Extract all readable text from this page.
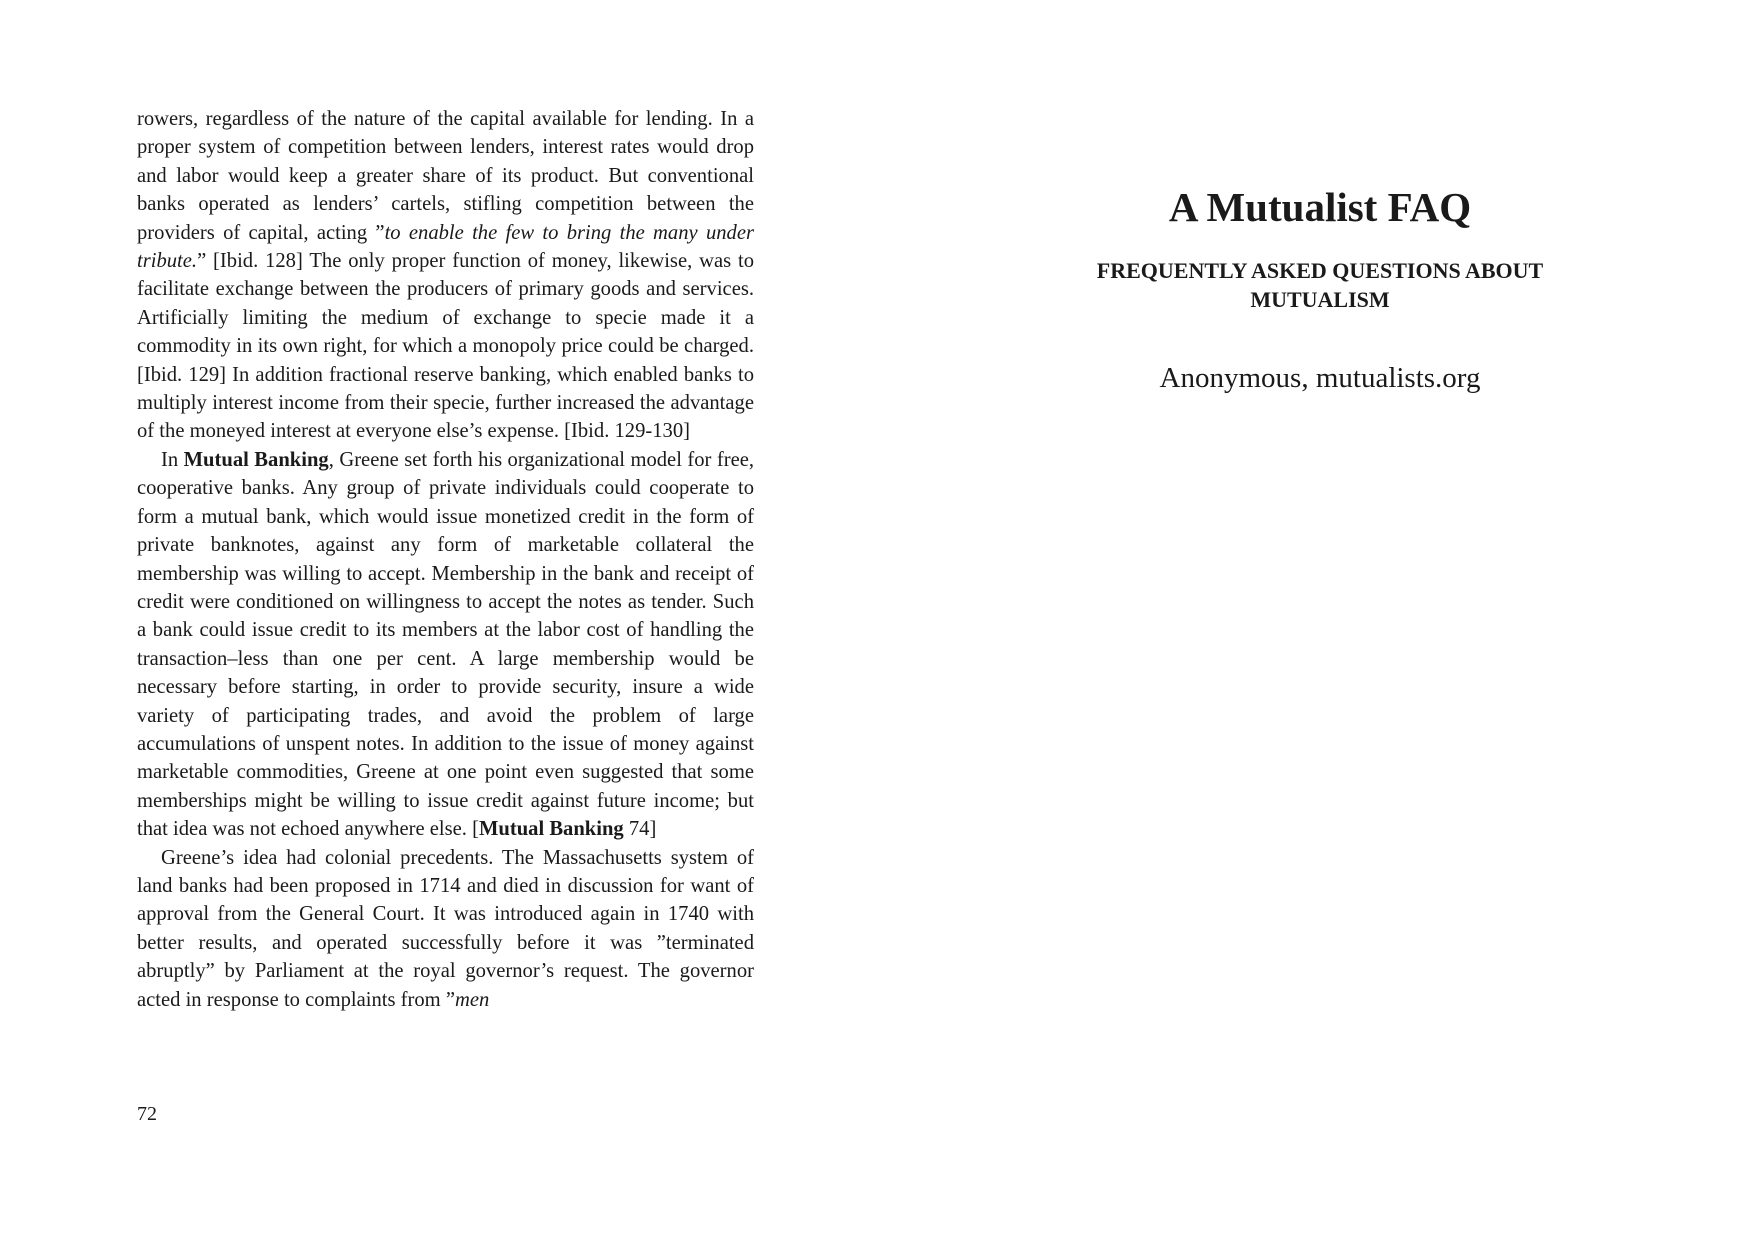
rowers, regardless of the nature of the capital available for lending. In a proper system of competition between lenders, interest rates would drop and labor would keep a greater share of its product. But conventional banks operated as lenders’ cartels, stifling competition between the providers of capital, acting ”to enable the few to bring the many under tribute.” [Ibid. 128] The only proper function of money, likewise, was to facilitate exchange between the producers of primary goods and services. Artificially limiting the medium of exchange to specie made it a commodity in its own right, for which a monopoly price could be charged. [Ibid. 129] In addition fractional reserve banking, which enabled banks to multiply interest income from their specie, further increased the advantage of the moneyed interest at everyone else’s expense. [Ibid. 129-130]

In Mutual Banking, Greene set forth his organizational model for free, cooperative banks. Any group of private individuals could cooperate to form a mutual bank, which would issue monetized credit in the form of private banknotes, against any form of marketable collateral the membership was willing to accept. Membership in the bank and receipt of credit were conditioned on willingness to accept the notes as tender. Such a bank could issue credit to its members at the labor cost of handling the transaction–less than one per cent. A large membership would be necessary before starting, in order to provide security, insure a wide variety of participating trades, and avoid the problem of large accumulations of unspent notes. In addition to the issue of money against marketable commodities, Greene at one point even suggested that some memberships might be willing to issue credit against future income; but that idea was not echoed anywhere else. [Mutual Banking 74]

Greene’s idea had colonial precedents. The Massachusetts system of land banks had been proposed in 1714 and died in discussion for want of approval from the General Court. It was introduced again in 1740 with better results, and operated successfully before it was ”terminated abruptly” by Parliament at the royal governor’s request. The governor acted in response to complaints from ”men

72
A Mutualist FAQ
FREQUENTLY ASKED QUESTIONS ABOUT MUTUALISM
Anonymous, mutualists.org
